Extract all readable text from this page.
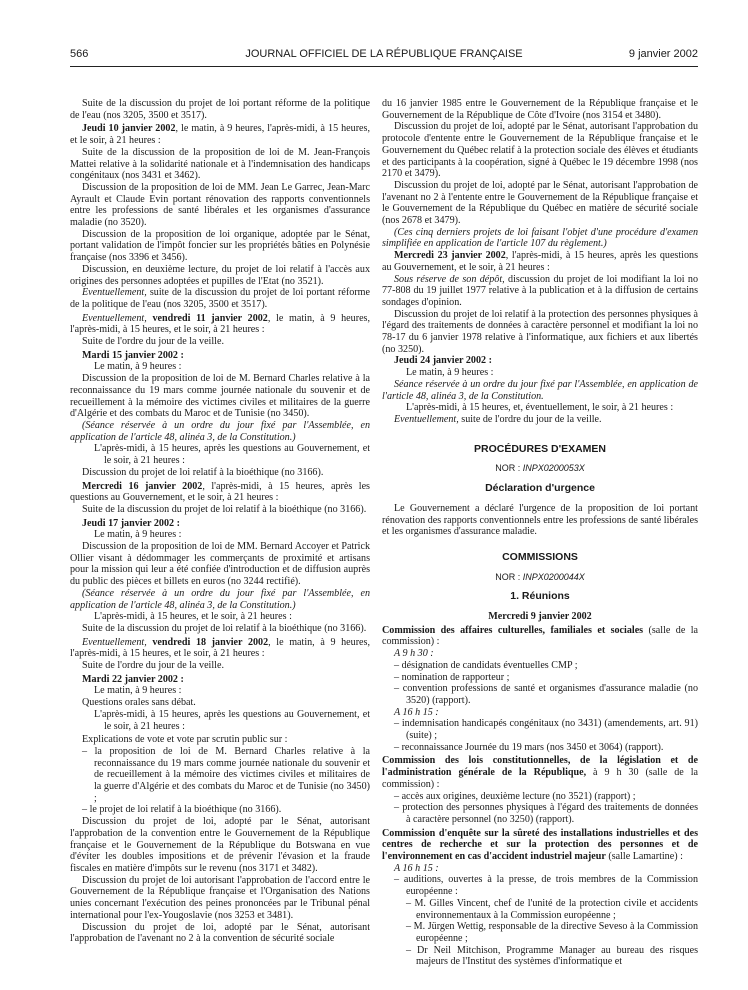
566	JOURNAL OFFICIEL DE LA RÉPUBLIQUE FRANÇAISE	9 janvier 2002

Suite de la discussion du projet de loi portant réforme de la politique de l'eau (nos 3205, 3500 et 3517).

Jeudi 10 janvier 2002, le matin, à 9 heures, l'après-midi, à 15 heures, et le soir, à 21 heures :

Suite de la discussion de la proposition de loi de M. Jean-François Mattei relative à la solidarité nationale et à l'indemnisation des handicaps congénitaux (nos 3431 et 3462).

Discussion de la proposition de loi de MM. Jean Le Garrec, Jean-Marc Ayrault et Claude Evin portant rénovation des rapports conventionnels entre les professions de santé libérales et les organismes d'assurance maladie (no 3520).

Discussion de la proposition de loi organique, adoptée par le Sénat, portant validation de l'impôt foncier sur les propriétés bâties en Polynésie française (nos 3396 et 3456).

Discussion, en deuxième lecture, du projet de loi relatif à l'accès aux origines des personnes adoptées et pupilles de l'Etat (no 3521).

Eventuellement, suite de la discussion du projet de loi portant réforme de la politique de l'eau (nos 3205, 3500 et 3517).

Eventuellement, vendredi 11 janvier 2002, le matin, à 9 heures, l'après-midi, à 15 heures, et le soir, à 21 heures :

Suite de l'ordre du jour de la veille.

Mardi 15 janvier 2002 :

Le matin, à 9 heures :

Discussion de la proposition de loi de M. Bernard Charles relative à la reconnaissance du 19 mars comme journée nationale du souvenir et de recueillement à la mémoire des victimes civiles et militaires de la guerre d'Algérie et des combats du Maroc et de Tunisie (no 3450).

(Séance réservée à un ordre du jour fixé par l'Assemblée, en application de l'article 48, alinéa 3, de la Constitution.)

L'après-midi, à 15 heures, après les questions au Gouvernement, et le soir, à 21 heures :

Discussion du projet de loi relatif à la bioéthique (no 3166).

Mercredi 16 janvier 2002, l'après-midi, à 15 heures, après les questions au Gouvernement, et le soir, à 21 heures :

Suite de la discussion du projet de loi relatif à la bioéthique (no 3166).

Jeudi 17 janvier 2002 :

Le matin, à 9 heures :

Discussion de la proposition de loi de MM. Bernard Accoyer et Patrick Ollier visant à dédommager les commerçants de proximité et artisans pour la mission qui leur a été confiée d'introduction et de diffusion auprès du public des pièces et billets en euros (no 3244 rectifié).

(Séance réservée à un ordre du jour fixé par l'Assemblée, en application de l'article 48, alinéa 3, de la Constitution.)

L'après-midi, à 15 heures, et le soir, à 21 heures :

Suite de la discussion du projet de loi relatif à la bioéthique (no 3166).

Eventuellement, vendredi 18 janvier 2002, le matin, à 9 heures, l'après-midi, à 15 heures, et le soir, à 21 heures :

Suite de l'ordre du jour de la veille.

Mardi 22 janvier 2002 :

Le matin, à 9 heures :

Questions orales sans débat.

L'après-midi, à 15 heures, après les questions au Gouvernement, et le soir, à 21 heures :

Explications de vote et vote par scrutin public sur :

– la proposition de loi de M. Bernard Charles relative à la reconnaissance du 19 mars comme journée nationale du souvenir et de recueillement à la mémoire des victimes civiles et militaires de la guerre d'Algérie et des combats du Maroc et de Tunisie (no 3450) ;

– le projet de loi relatif à la bioéthique (no 3166).

Discussion du projet de loi, adopté par le Sénat, autorisant l'approbation de la convention entre le Gouvernement de la République française et le Gouvernement de la République du Botswana en vue d'éviter les doubles impositions et de prévenir l'évasion et la fraude fiscales en matière d'impôts sur le revenu (nos 3171 et 3482).

Discussion du projet de loi autorisant l'approbation de l'accord entre le Gouvernement de la République française et l'Organisation des Nations unies concernant l'exécution des peines prononcées par le Tribunal pénal international pour l'ex-Yougoslavie (nos 3253 et 3481).

Discussion du projet de loi, adopté par le Sénat, autorisant l'approbation de l'avenant no 2 à la convention de sécurité sociale

du 16 janvier 1985 entre le Gouvernement de la République française et le Gouvernement de la République de Côte d'Ivoire (nos 3154 et 3480).

Discussion du projet de loi, adopté par le Sénat, autorisant l'approbation du protocole d'entente entre le Gouvernement de la République française et le Gouvernement du Québec relatif à la protection sociale des élèves et étudiants et des participants à la coopération, signé à Québec le 19 décembre 1998 (nos 2170 et 3479).

Discussion du projet de loi, adopté par le Sénat, autorisant l'approbation de l'avenant no 2 à l'entente entre le Gouvernement de la République française et le Gouvernement de la République du Québec en matière de sécurité sociale (nos 2678 et 3479).

(Ces cinq derniers projets de loi faisant l'objet d'une procédure d'examen simplifiée en application de l'article 107 du règlement.)

Mercredi 23 janvier 2002, l'après-midi, à 15 heures, après les questions au Gouvernement, et le soir, à 21 heures :

Sous réserve de son dépôt, discussion du projet de loi modifiant la loi no 77-808 du 19 juillet 1977 relative à la publication et à la diffusion de certains sondages d'opinion.

Discussion du projet de loi relatif à la protection des personnes physiques à l'égard des traitements de données à caractère personnel et modifiant la loi no 78-17 du 6 janvier 1978 relative à l'informatique, aux fichiers et aux libertés (no 3250).

Jeudi 24 janvier 2002 :

Le matin, à 9 heures :

Séance réservée à un ordre du jour fixé par l'Assemblée, en application de l'article 48, alinéa 3, de la Constitution.

L'après-midi, à 15 heures, et, éventuellement, le soir, à 21 heures :

Eventuellement, suite de l'ordre du jour de la veille.

PROCÉDURES D'EXAMEN

NOR : INPX0200053X

Déclaration d'urgence

Le Gouvernement a déclaré l'urgence de la proposition de loi portant rénovation des rapports conventionnels entre les professions de santé libérales et les organismes d'assurance maladie.

COMMISSIONS

NOR : INPX0200044X

1. Réunions

Mercredi 9 janvier 2002

Commission des affaires culturelles, familiales et sociales (salle de la commission) :

A 9 h 30 :

– désignation de candidats éventuelles CMP ;

– nomination de rapporteur ;

– convention professions de santé et organismes d'assurance maladie (no 3520) (rapport).

A 16 h 15 :

– indemnisation handicapés congénitaux (no 3431) (amendements, art. 91) (suite) ;

– reconnaissance Journée du 19 mars (nos 3450 et 3064) (rapport).

Commission des lois constitutionnelles, de la législation et de l'administration générale de la République, à 9 h 30 (salle de la commission) :

– accès aux origines, deuxième lecture (no 3521) (rapport) ;

– protection des personnes physiques à l'égard des traitements de données à caractère personnel (no 3250) (rapport).

Commission d'enquête sur la sûreté des installations industrielles et des centres de recherche et sur la protection des personnes et de l'environnement en cas d'accident industriel majeur (salle Lamartine) :

A 16 h 15 :

– auditions, ouvertes à la presse, de trois membres de la Commission européenne :

– M. Gilles Vincent, chef de l'unité de la protection civile et accidents environnementaux à la Commission européenne ;

– M. Jürgen Wettig, responsable de la directive Seveso à la Commission européenne ;

– Dr Neil Mitchison, Programme Manager au bureau des risques majeurs de l'Institut des systèmes d'informatique et
